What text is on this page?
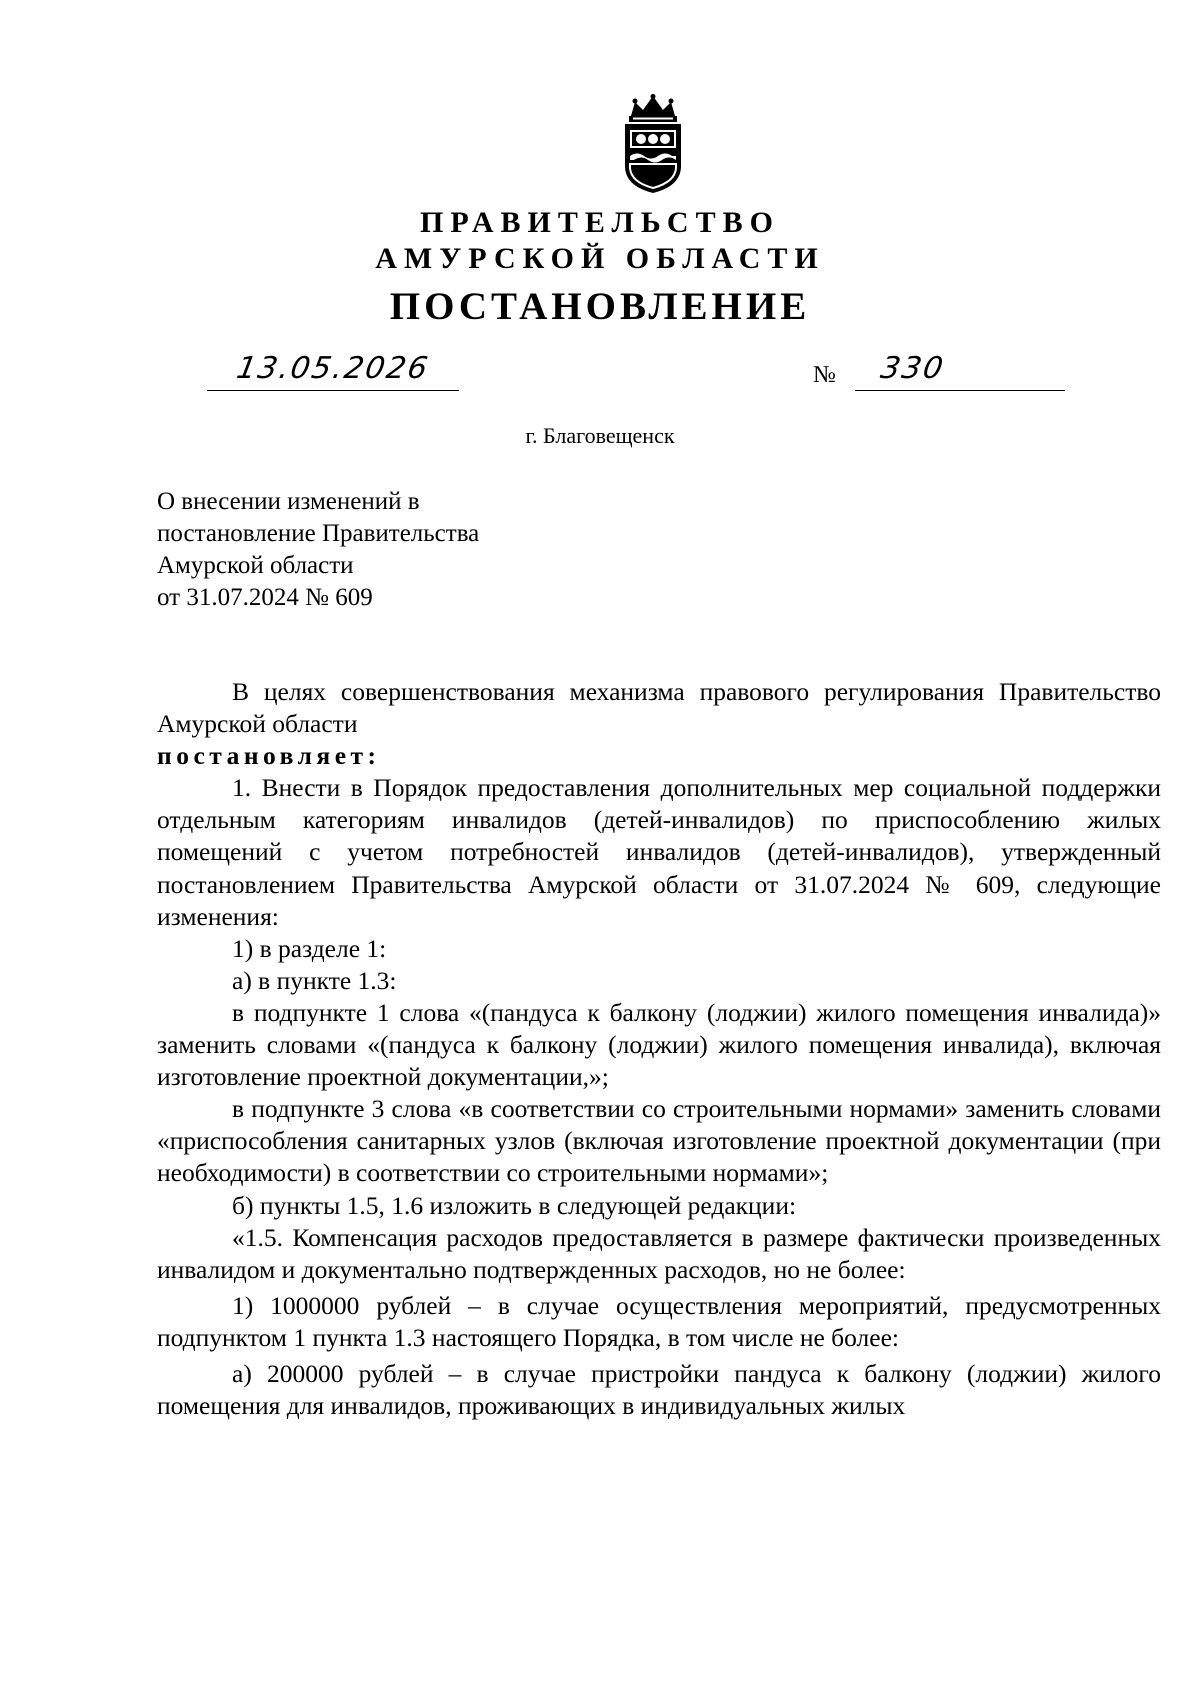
ПРАВИТЕЛЬСТВО
АМУРСКОЙ ОБЛАСТИ
ПОСТАНОВЛЕНИЕ
13.05.2026	№ 330
г. Благовещенск
О внесении изменений в
постановление Правительства
Амурской области
от 31.07.2024 № 609

В целях совершенствования механизма правового регулирования Правительство Амурской области

постановляет:

1. Внести в Порядок предоставления дополнительных мер социальной поддержки отдельным категориям инвалидов (детей-инвалидов) по приспособлению жилых помещений с учетом потребностей инвалидов (детей-инвалидов), утвержденный постановлением Правительства Амурской области от 31.07.2024 № 609, следующие изменения:

1) в разделе 1:

а) в пункте 1.3:

в подпункте 1 слова «(пандуса к балкону (лоджии) жилого помещения инвалида)» заменить словами «(пандуса к балкону (лоджии) жилого помещения инвалида), включая изготовление проектной документации,»;

в подпункте 3 слова «в соответствии со строительными нормами» заменить словами «приспособления санитарных узлов (включая изготовление проектной документации (при необходимости) в соответствии со строительными нормами»;

б) пункты 1.5, 1.6 изложить в следующей редакции:

«1.5. Компенсация расходов предоставляется в размере фактически произведенных инвалидом и документально подтвержденных расходов, но не более:

1) 1000000 рублей – в случае осуществления мероприятий, предусмотренных подпунктом 1 пункта 1.3 настоящего Порядка, в том числе не более:

а) 200000 рублей – в случае пристройки пандуса к балкону (лоджии) жилого помещения для инвалидов, проживающих в индивидуальных жилых
